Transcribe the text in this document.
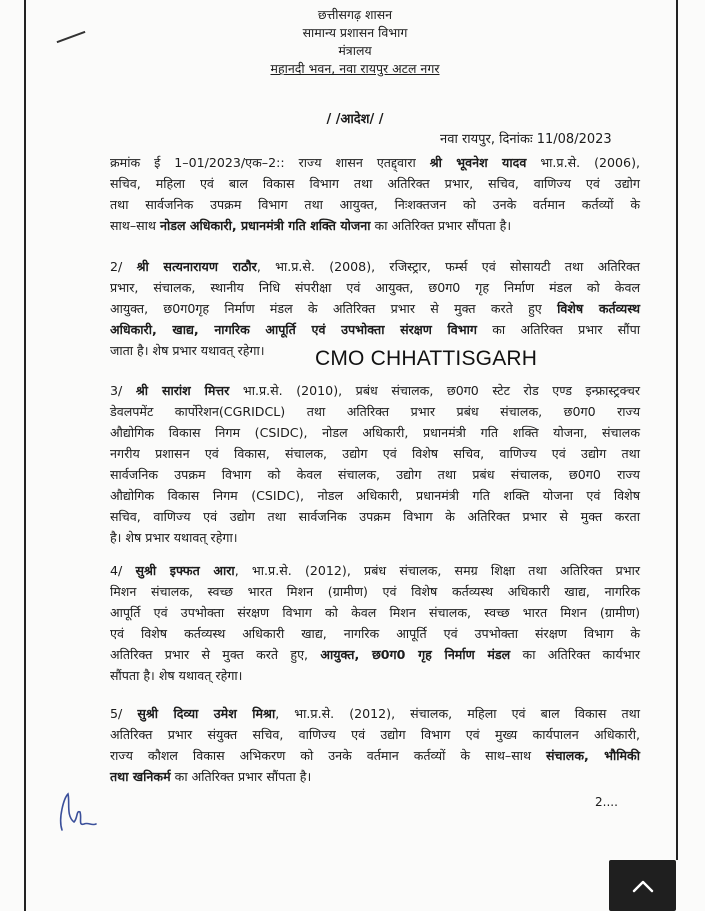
छत्तीसगढ़ शासन
सामान्य प्रशासन विभाग
मंत्रालय
महानदी भवन, नवा रायपुर अटल नगर
/ /आदेश/ /
नवा रायपुर, दिनांकः 11/08/2023
क्रमांक ई 1–01/2023/एक–2:: राज्य शासन एतद्द्वारा श्री भूवनेश यादव भा.प्र.से. (2006),
सचिव, महिला एवं बाल विकास विभाग तथा अतिरिक्त प्रभार, सचिव, वाणिज्य एवं उद्योग
तथा सार्वजनिक उपक्रम विभाग तथा आयुक्त, निःशक्तजन को उनके वर्तमान कर्तव्यों के
साथ–साथ नोडल अधिकारी, प्रधानमंत्री गति शक्ति योजना का अतिरिक्त प्रभार सौंपता है।
2/ श्री सत्यनारायण राठौर, भा.प्र.से. (2008), रजिस्ट्रार, फर्म्स एवं सोसायटी तथा अतिरिक्त
प्रभार, संचालक, स्थानीय निधि संपरीक्षा एवं आयुक्त, छ0ग0 गृह निर्माण मंडल को केवल
आयुक्त, छ0ग0गृह निर्माण मंडल के अतिरिक्त प्रभार से मुक्त करते हुए विशेष कर्तव्यस्थ
अधिकारी, खाद्य, नागरिक आपूर्ति एवं उपभोक्ता संरक्षण विभाग का अतिरिक्त प्रभार सौंपा
जाता है। शेष प्रभार यथावत् रहेगा।
3/ श्री सारांश मित्तर भा.प्र.से. (2010), प्रबंध संचालक, छ0ग0 स्टेट रोड एण्ड इन्फ्रास्ट्रक्चर
डेवलपमेंट कार्पोरेशन(CGRIDCL) तथा अतिरिक्त प्रभार प्रबंध संचालक, छ0ग0 राज्य
औद्योगिक विकास निगम (CSIDC), नोडल अधिकारी, प्रधानमंत्री गति शक्ति योजना, संचालक
नगरीय प्रशासन एवं विकास, संचालक, उद्योग एवं विशेष सचिव, वाणिज्य एवं उद्योग तथा
सार्वजनिक उपक्रम विभाग को केवल संचालक, उद्योग तथा प्रबंध संचालक, छ0ग0 राज्य
औद्योगिक विकास निगम (CSIDC), नोडल अधिकारी, प्रधानमंत्री गति शक्ति योजना एवं विशेष
सचिव, वाणिज्य एवं उद्योग तथा सार्वजनिक उपक्रम विभाग के अतिरिक्त प्रभार से मुक्त करता
है। शेष प्रभार यथावत् रहेगा।
4/ सुश्री इफ्फत आरा, भा.प्र.से. (2012), प्रबंध संचालक, समग्र शिक्षा तथा अतिरिक्त प्रभार
मिशन संचालक, स्वच्छ भारत मिशन (ग्रामीण) एवं विशेष कर्तव्यस्थ अधिकारी खाद्य, नागरिक
आपूर्ति एवं उपभोक्ता संरक्षण विभाग को केवल मिशन संचालक, स्वच्छ भारत मिशन (ग्रामीण)
एवं विशेष कर्तव्यस्थ अधिकारी खाद्य, नागरिक आपूर्ति एवं उपभोक्ता संरक्षण विभाग के
अतिरिक्त प्रभार से मुक्त करते हुए, आयुक्त, छ0ग0 गृह निर्माण मंडल का अतिरिक्त कार्यभार
सौंपता है। शेष यथावत् रहेगा।
5/ सुश्री दिव्या उमेश मिश्रा, भा.प्र.से. (2012), संचालक, महिला एवं बाल विकास तथा
अतिरिक्त प्रभार संयुक्त सचिव, वाणिज्य एवं उद्योग विभाग एवं मुख्य कार्यपालन अधिकारी,
राज्य कौशल विकास अभिकरण को उनके वर्तमान कर्तव्यों के साथ–साथ संचालक, भौमिकी
तथा खनिकर्म का अतिरिक्त प्रभार सौंपता है।
CMO CHHATTISGARH
2....
